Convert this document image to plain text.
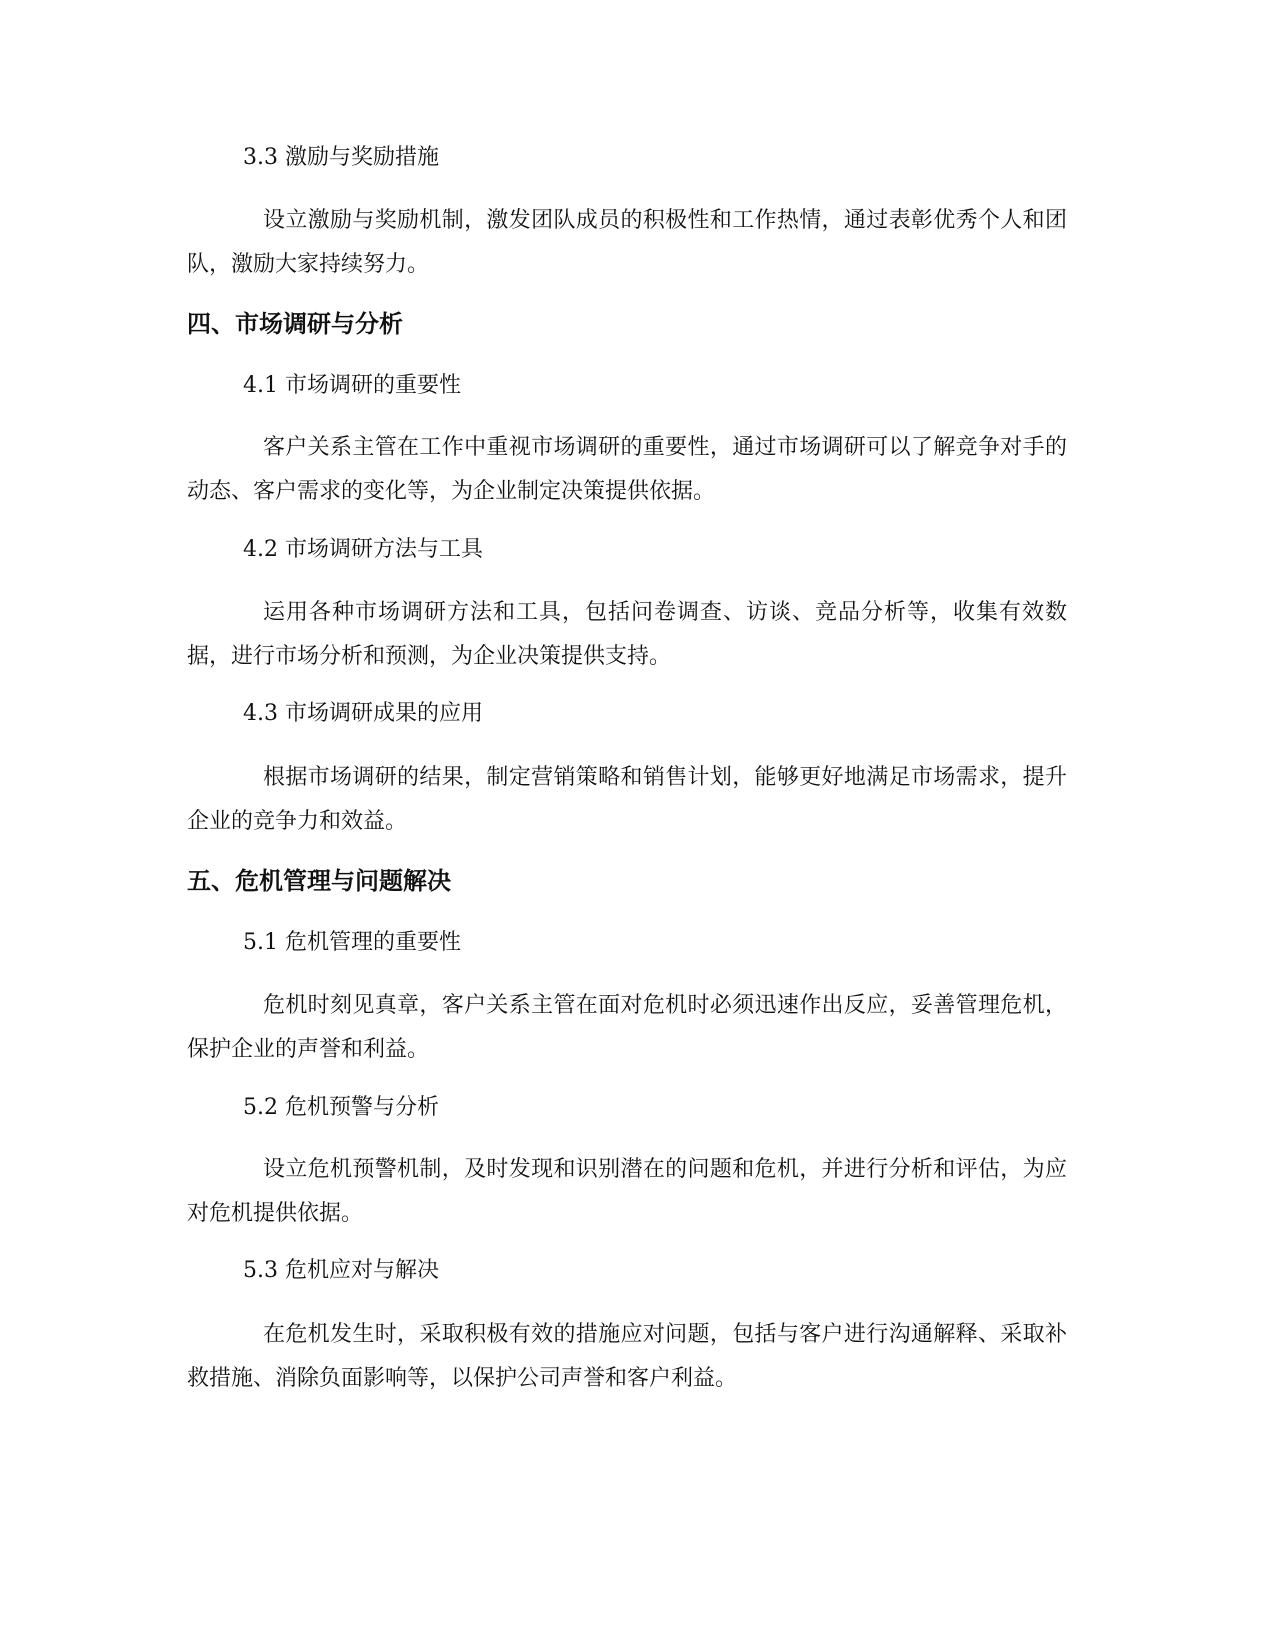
3.3 激励与奖励措施

设立激励与奖励机制，激发团队成员的积极性和工作热情，通过表彰优秀个人和团队，激励大家持续努力。

四、市场调研与分析

4.1 市场调研的重要性

客户关系主管在工作中重视市场调研的重要性，通过市场调研可以了解竞争对手的动态、客户需求的变化等，为企业制定决策提供依据。

4.2 市场调研方法与工具

运用各种市场调研方法和工具，包括问卷调查、访谈、竞品分析等，收集有效数据，进行市场分析和预测，为企业决策提供支持。

4.3 市场调研成果的应用

根据市场调研的结果，制定营销策略和销售计划，能够更好地满足市场需求，提升企业的竞争力和效益。

五、危机管理与问题解决

5.1 危机管理的重要性

危机时刻见真章，客户关系主管在面对危机时必须迅速作出反应，妥善管理危机，保护企业的声誉和利益。

5.2 危机预警与分析

设立危机预警机制，及时发现和识别潜在的问题和危机，并进行分析和评估，为应对危机提供依据。

5.3 危机应对与解决

在危机发生时，采取积极有效的措施应对问题，包括与客户进行沟通解释、采取补救措施、消除负面影响等，以保护公司声誉和客户利益。
